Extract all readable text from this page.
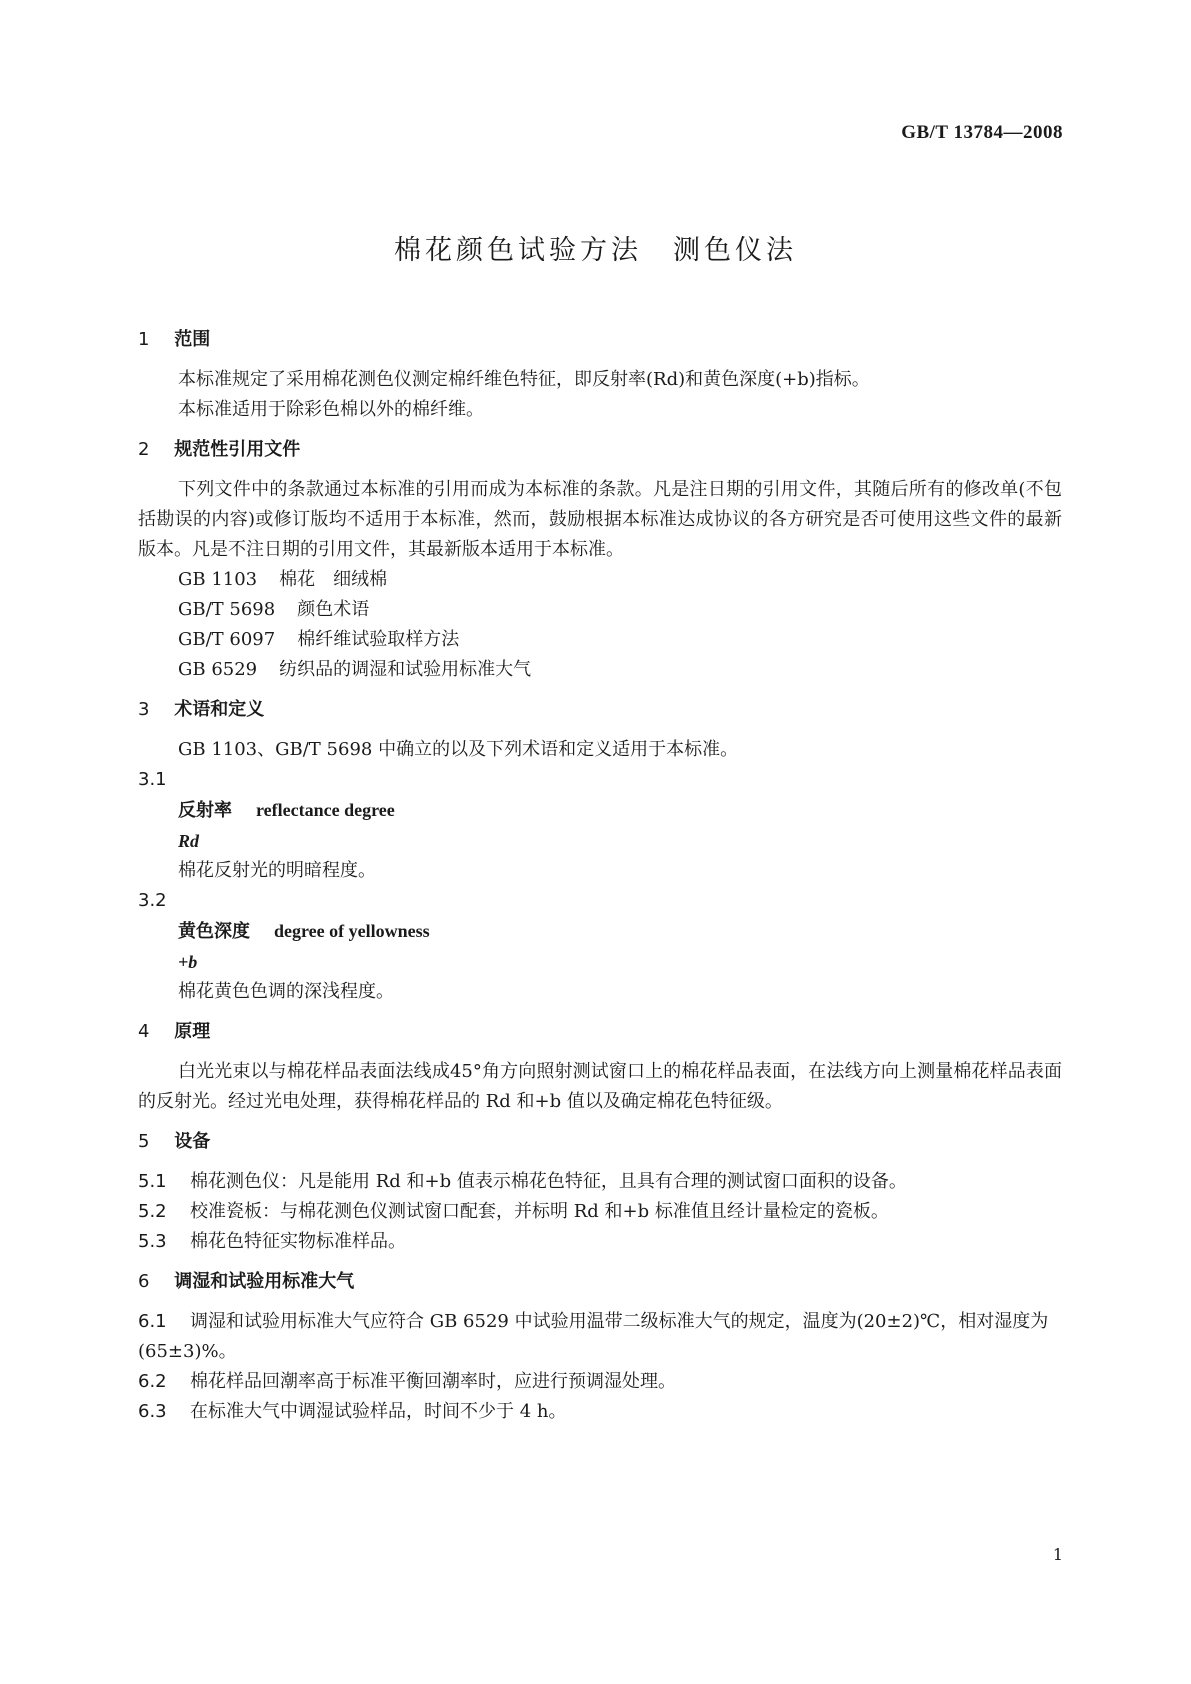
GB/T 13784—2008
棉花颜色试验方法　测色仪法
1 范围

本标准规定了采用棉花测色仪测定棉纤维色特征，即反射率(Rd)和黄色深度(+b)指标。

本标准适用于除彩色棉以外的棉纤维。

2 规范性引用文件

下列文件中的条款通过本标准的引用而成为本标准的条款。凡是注日期的引用文件，其随后所有的修改单(不包括勘误的内容)或修订版均不适用于本标准，然而，鼓励根据本标准达成协议的各方研究是否可使用这些文件的最新版本。凡是不注日期的引用文件，其最新版本适用于本标准。

GB 1103 棉花　细绒棉

GB/T 5698 颜色术语

GB/T 6097 棉纤维试验取样方法

GB 6529 纺织品的调湿和试验用标准大气

3 术语和定义

GB 1103、GB/T 5698 中确立的以及下列术语和定义适用于本标准。

3.1

反射率 reflectance degree

Rd

棉花反射光的明暗程度。

3.2

黄色深度 degree of yellowness

+b

棉花黄色色调的深浅程度。

4 原理

白光光束以与棉花样品表面法线成45°角方向照射测试窗口上的棉花样品表面，在法线方向上测量棉花样品表面的反射光。经过光电处理，获得棉花样品的 Rd 和+b 值以及确定棉花色特征级。

5 设备

5.1 棉花测色仪：凡是能用 Rd 和+b 值表示棉花色特征，且具有合理的测试窗口面积的设备。

5.2 校准瓷板：与棉花测色仪测试窗口配套，并标明 Rd 和+b 标准值且经计量检定的瓷板。

5.3 棉花色特征实物标准样品。

6 调湿和试验用标准大气

6.1 调湿和试验用标准大气应符合 GB 6529 中试验用温带二级标准大气的规定，温度为(20±2)℃，相对湿度为(65±3)%。

6.2 棉花样品回潮率高于标准平衡回潮率时，应进行预调湿处理。

6.3 在标准大气中调湿试验样品，时间不少于 4 h。

1
